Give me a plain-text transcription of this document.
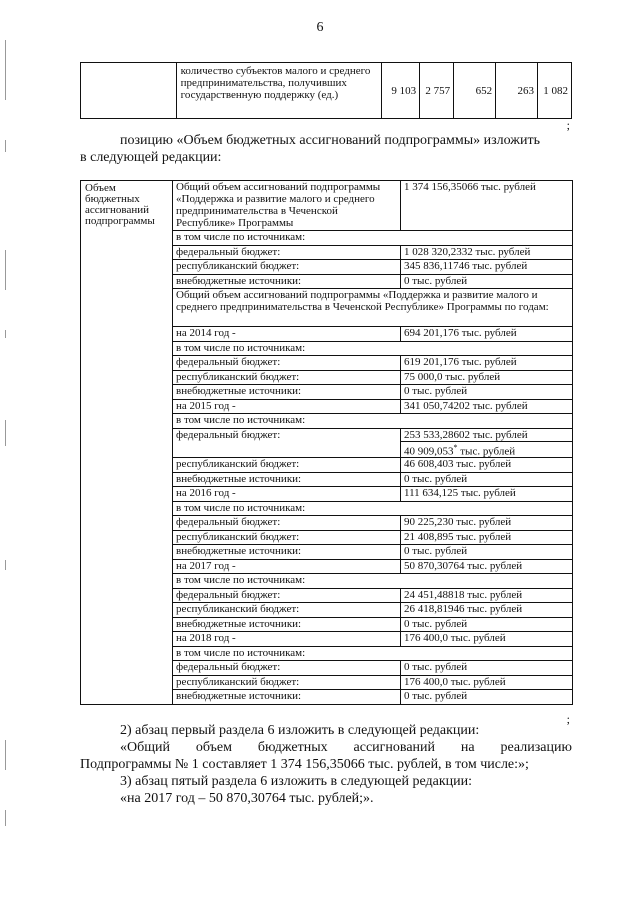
6
	количество субъектов малого и среднего предпринимательства, получивших государственную поддержку (ед.)	9 103	2 757	652	263	1 082
;
позицию «Объем бюджетных ассигнований подпрограммы» изложить
в следующей редакции:
Объем бюджетных ассигнований подпрограммы	Общий объем ассигнований подпрограммы «Поддержка и развитие малого и среднего предпринимательства в Чеченской Республике» Программы	1 374 156,35066 тыс. рублей
	в том числе по источникам:	
	федеральный бюджет:	1 028 320,2332 тыс. рублей
	республиканский бюджет:	345 836,11746 тыс. рублей
	внебюджетные источники:	0 тыс. рублей
	Общий объем ассигнований подпрограммы «Поддержка и развитие малого и среднего предпринимательства в Чеченской Республике» Программы по годам:	
	на 2014 год -	694 201,176 тыс. рублей
	в том числе по источникам:	
	федеральный бюджет:	619 201,176 тыс. рублей
	республиканский бюджет:	75 000,0 тыс. рублей
	внебюджетные источники:	0 тыс. рублей
	на 2015 год -	341 050,74202 тыс. рублей
	в том числе по источникам:	
	федеральный бюджет:	253 533,28602 тыс. рублей
40 909,053* тыс. рублей

	республиканский бюджет:	46 608,403 тыс. рублей
	внебюджетные источники:	0 тыс. рублей
	на 2016 год -	111 634,125 тыс. рублей
	в том числе по источникам:	
	федеральный бюджет:	90 225,230 тыс. рублей
	республиканский бюджет:	21 408,895 тыс. рублей
	внебюджетные источники:	0 тыс. рублей
	на 2017 год -	50 870,30764 тыс. рублей
	в том числе по источникам:	
	федеральный бюджет:	24 451,48818 тыс. рублей
	республиканский бюджет:	26 418,81946 тыс. рублей
	внебюджетные источники:	0 тыс. рублей
	на 2018 год -	176 400,0 тыс. рублей
	в том числе по источникам:	
	федеральный бюджет:	0 тыс. рублей
	республиканский бюджет:	176 400,0 тыс. рублей
	внебюджетные источники:	0 тыс. рублей
;
2) абзац первый раздела 6 изложить в следующей редакции:
«Общий объем бюджетных ассигнований на реализацию
Подпрограммы № 1 составляет 1 374 156,35066 тыс. рублей, в том числе:»;
3) абзац пятый раздела 6 изложить в следующей редакции:
«на 2017 год – 50 870,30764 тыс. рублей;».
